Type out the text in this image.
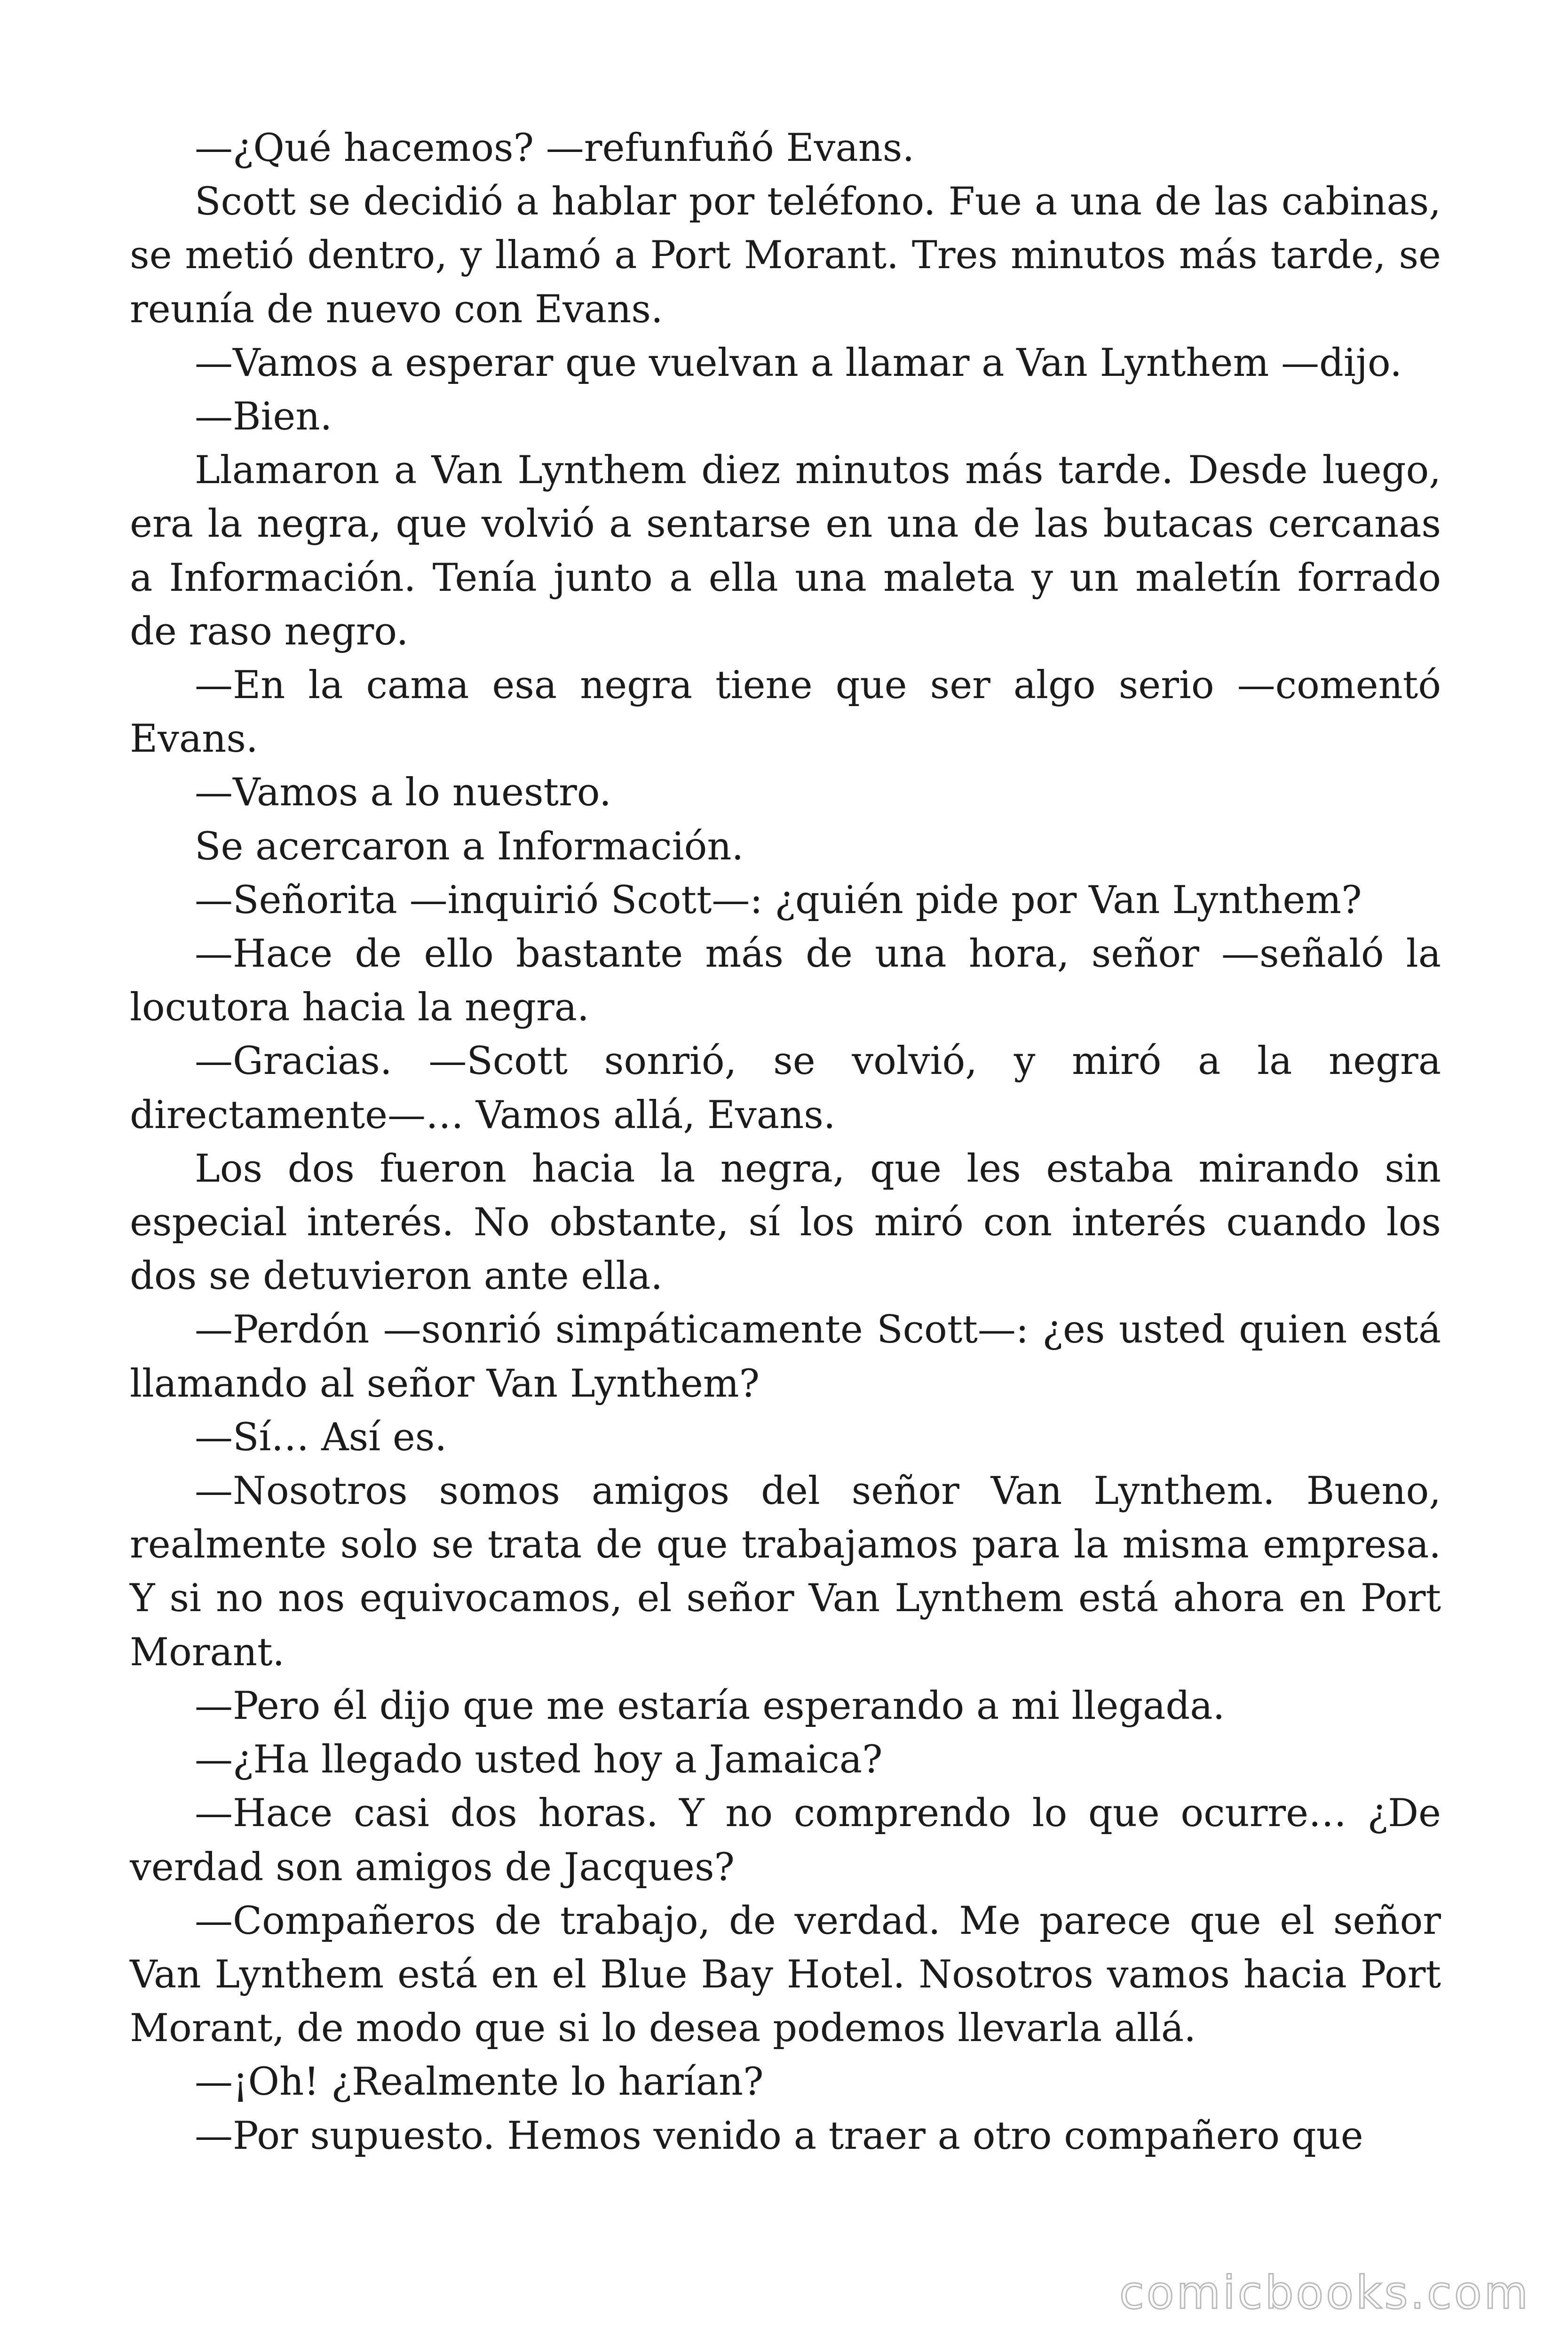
—¿Qué hacemos? —refunfuñó Evans.

Scott se decidió a hablar por teléfono. Fue a una de las cabinas, se metió dentro, y llamó a Port Morant. Tres minutos más tarde, se reunía de nuevo con Evans.

—Vamos a esperar que vuelvan a llamar a Van Lynthem —dijo.

—Bien.

Llamaron a Van Lynthem diez minutos más tarde. Desde luego, era la negra, que volvió a sentarse en una de las butacas cercanas a Información. Tenía junto a ella una maleta y un maletín forrado de raso negro.

—En la cama esa negra tiene que ser algo serio —comentó Evans.

—Vamos a lo nuestro.

Se acercaron a Información.

—Señorita —inquirió Scott—: ¿quién pide por Van Lynthem?

—Hace de ello bastante más de una hora, señor —señaló la locutora hacia la negra.

—Gracias. —Scott sonrió, se volvió, y miró a la negra directamente—… Vamos allá, Evans.

Los dos fueron hacia la negra, que les estaba mirando sin especial interés. No obstante, sí los miró con interés cuando los dos se detuvieron ante ella.

—Perdón —sonrió simpáticamente Scott—: ¿es usted quien está llamando al señor Van Lynthem?

—Sí… Así es.

—Nosotros somos amigos del señor Van Lynthem. Bueno, realmente solo se trata de que trabajamos para la misma empresa. Y si no nos equivocamos, el señor Van Lynthem está ahora en Port Morant.

—Pero él dijo que me estaría esperando a mi llegada.

—¿Ha llegado usted hoy a Jamaica?

—Hace casi dos horas. Y no comprendo lo que ocurre… ¿De verdad son amigos de Jacques?

—Compañeros de trabajo, de verdad. Me parece que el señor Van Lynthem está en el Blue Bay Hotel. Nosotros vamos hacia Port Morant, de modo que si lo desea podemos llevarla allá.

—¡Oh! ¿Realmente lo harían?

—Por supuesto. Hemos venido a traer a otro compañero que

comicbooks.com
